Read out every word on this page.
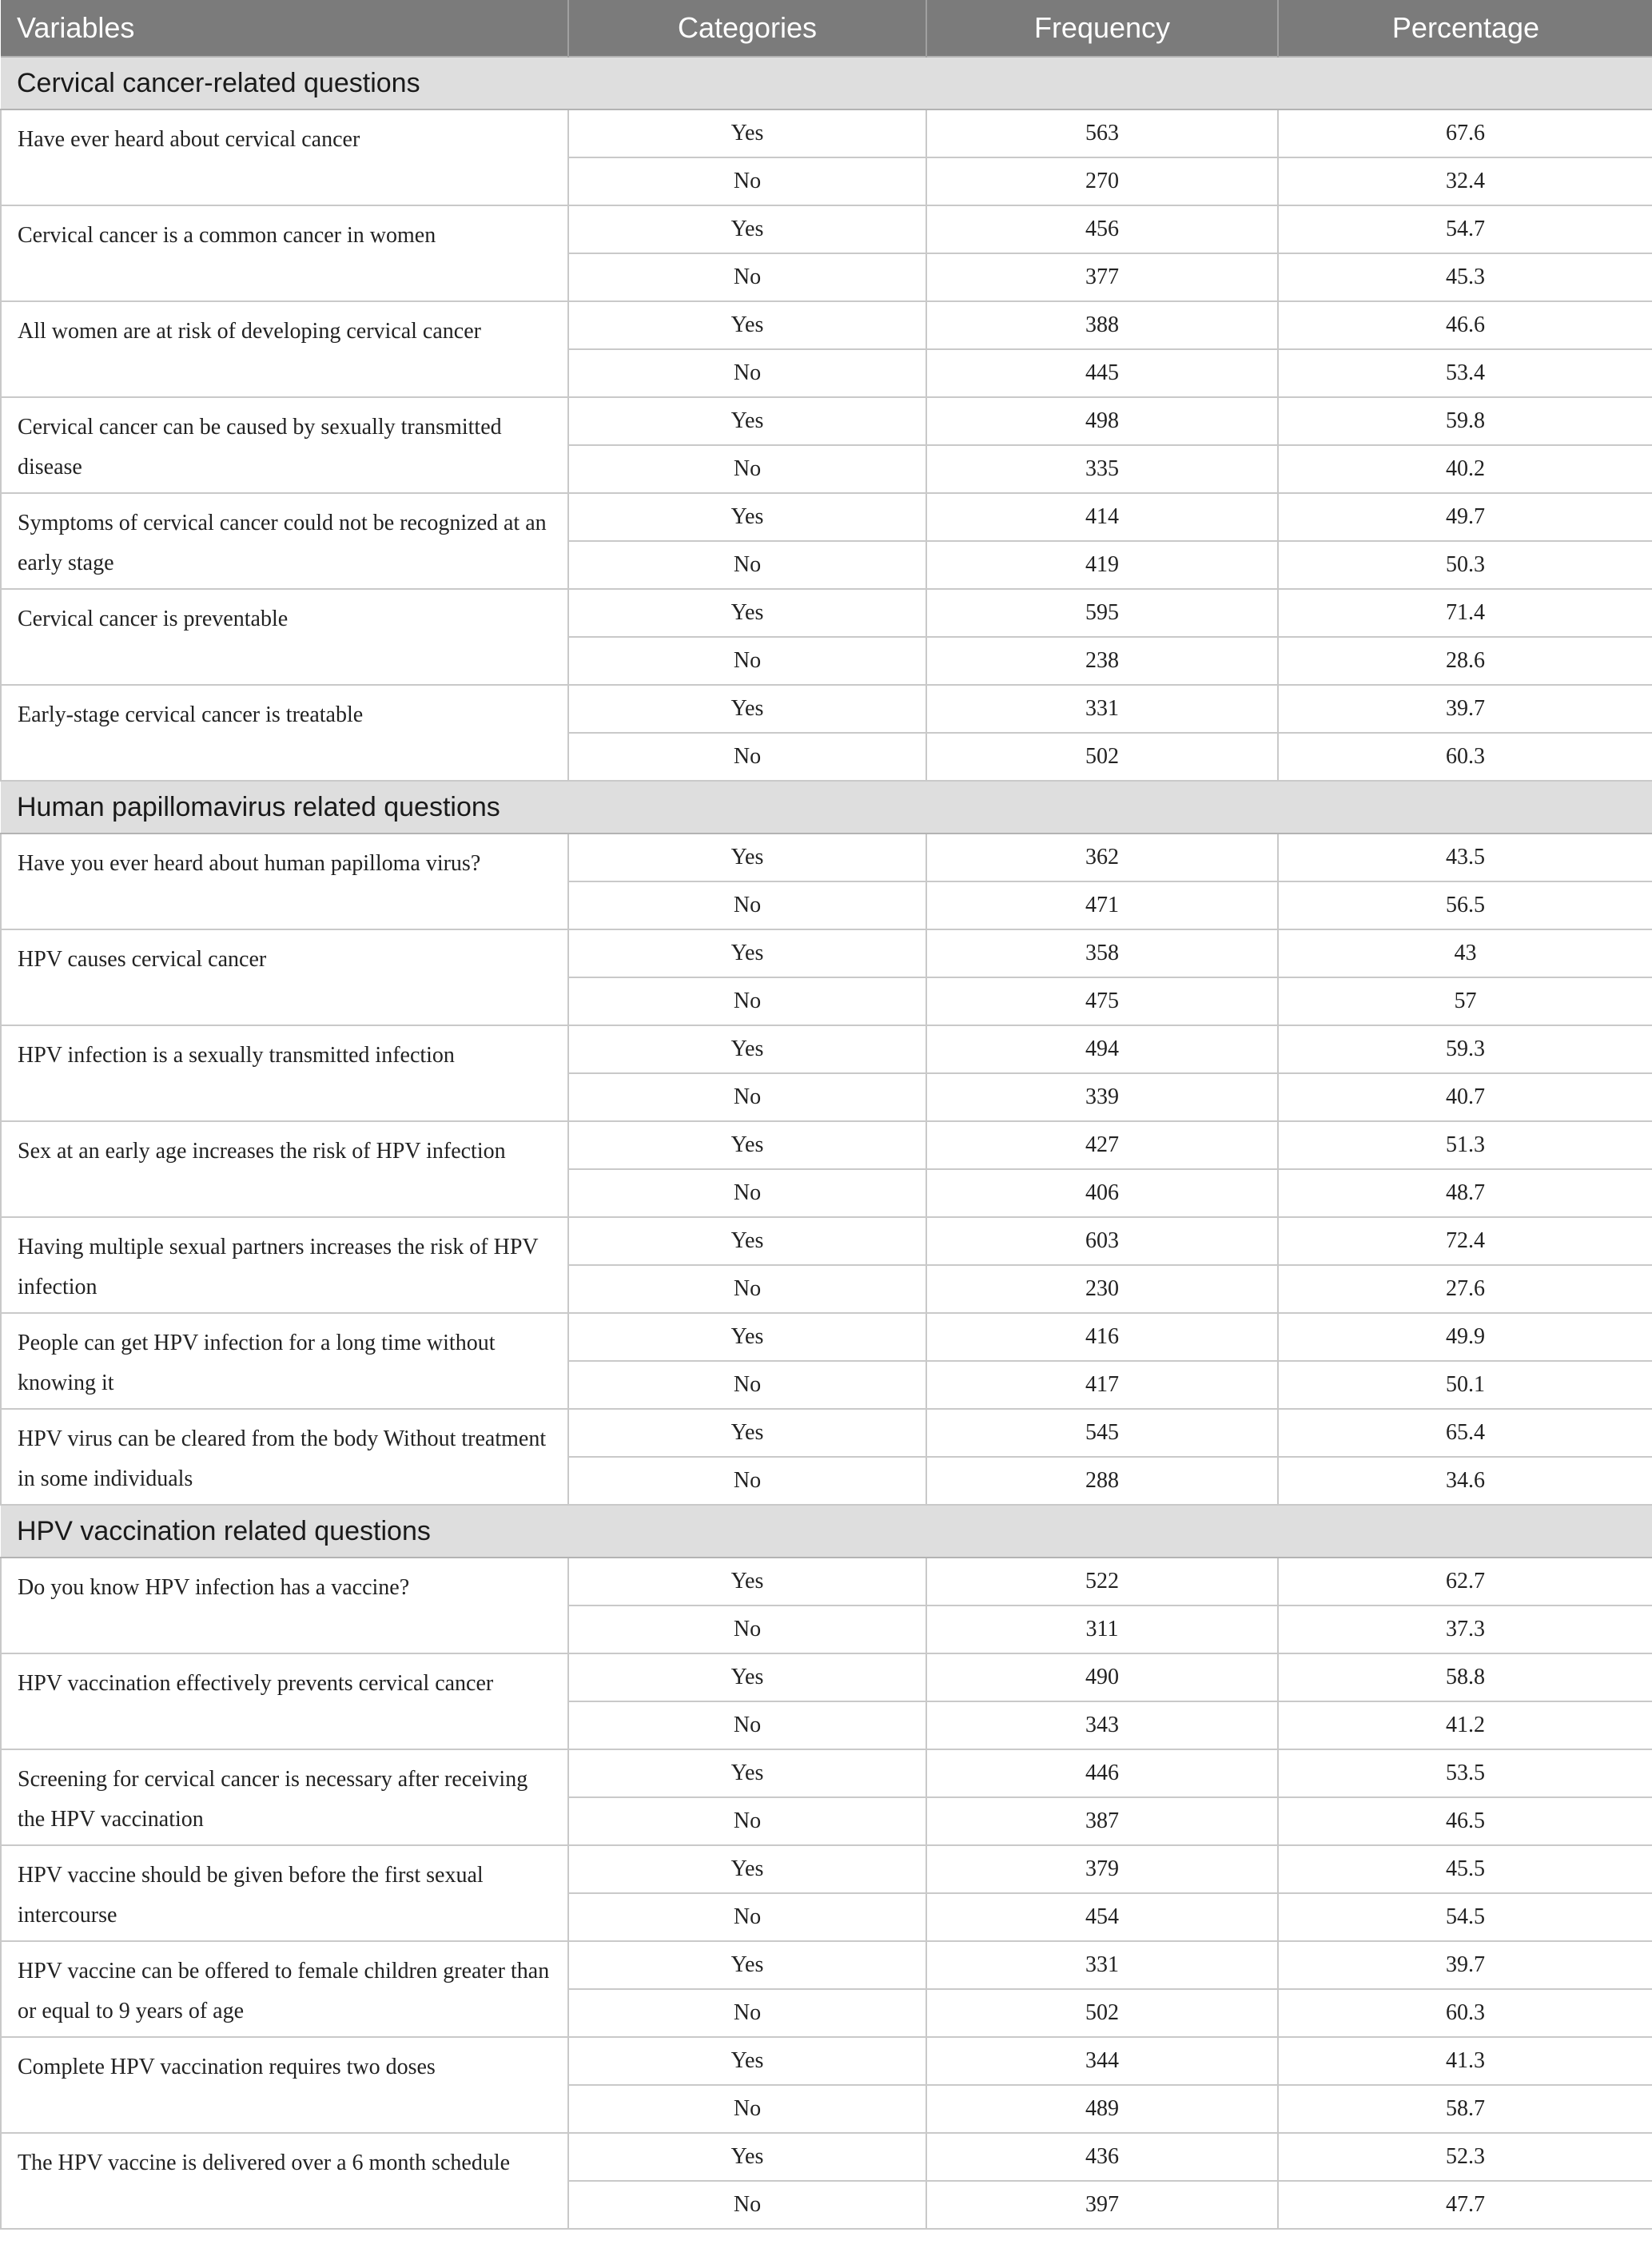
Variables	Categories	Frequency	Percentage
Cervical cancer-related questions			
Have ever heard about cervical cancer	Yes	563	67.6
	No	270	32.4
Cervical cancer is a common cancer in women	Yes	456	54.7
	No	377	45.3
All women are at risk of developing cervical cancer	Yes	388	46.6
	No	445	53.4
Cervical cancer can be caused by sexually transmitted disease	Yes	498	59.8
	No	335	40.2
Symptoms of cervical cancer could not be recognized at an early stage	Yes	414	49.7
	No	419	50.3
Cervical cancer is preventable	Yes	595	71.4
	No	238	28.6
Early-stage cervical cancer is treatable	Yes	331	39.7
	No	502	60.3
Human papillomavirus related questions			
Have you ever heard about human papilloma virus?	Yes	362	43.5
	No	471	56.5
HPV causes cervical cancer	Yes	358	43
	No	475	57
HPV infection is a sexually transmitted infection	Yes	494	59.3
	No	339	40.7
Sex at an early age increases the risk of HPV infection	Yes	427	51.3
	No	406	48.7
Having multiple sexual partners increases the risk of HPV infection	Yes	603	72.4
	No	230	27.6
People can get HPV infection for a long time without knowing it	Yes	416	49.9
	No	417	50.1
HPV virus can be cleared from the body Without treatment in some individuals	Yes	545	65.4
	No	288	34.6
HPV vaccination related questions			
Do you know HPV infection has a vaccine?	Yes	522	62.7
	No	311	37.3
HPV vaccination effectively prevents cervical cancer	Yes	490	58.8
	No	343	41.2
Screening for cervical cancer is necessary after receiving the HPV vaccination	Yes	446	53.5
	No	387	46.5
HPV vaccine should be given before the first sexual intercourse	Yes	379	45.5
	No	454	54.5
HPV vaccine can be offered to female children greater than or equal to 9 years of age	Yes	331	39.7
	No	502	60.3
Complete HPV vaccination requires two doses	Yes	344	41.3
	No	489	58.7
The HPV vaccine is delivered over a 6 month schedule	Yes	436	52.3
	No	397	47.7
